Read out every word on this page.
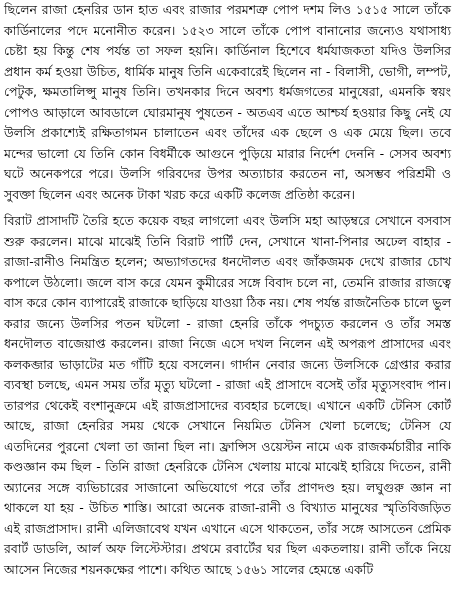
ছিলেন রাজা হেনরির ডান হাত এবং রাজার পরমশত্রু পোপ দশম লিও ১৫১৫ সালে তাঁকে কার্ডিনালের পদে মনোনীত করেন। ১৫২৩ সালে তাঁকে পোপ বানানোর জন্যেও যথাসাধ্য চেষ্টা হয় কিন্তু শেষ পর্যন্ত তা সফল হয়নি। কার্ডিনাল হিশেবে ধর্মযাজকতা যদিও উলসির প্রধান কর্ম হওয়া উচিত, ধার্মিক মানুষ তিনি একেবারেই ছিলেন না - বিলাসী, ভোগী, লম্পট, পেটুক, ক্ষমতালিপ্সু মানুষ তিনি। তখনকার দিনে অবশ্য ধর্মজগতের মানুষেরা, এমনকি স্বয়ং পোপও আড়ালে আবডালে ঘোরমানুষ পুষতেন - অতএব এতে আশ্চর্য হওয়ার কিছু নেই যে উলসি প্রকাশ্যেই রক্ষিতাগমন চালাতেন এবং তাঁদের এক ছেলে ও এক মেয়ে ছিল। তবে মন্দের ভালো যে তিনি কোন বিধর্মীকে আগুনে পুড়িয়ে মারার নির্দেশ দেননি - সেসব অবশ্য ঘটে অনেকপরে পরে। উলসি গরিবদের উপর অত্যাচার করতেন না, অসম্ভব পরিশ্রমী ও সুবক্তা ছিলেন এবং অনেক টাকা খরচ করে একটি কলেজ প্রতিষ্ঠা করেন।

বিরাট প্রাসাদটি তৈরি হতে কয়েক বছর লাগলো এবং উলসি মহা আড়ম্বরে সেখানে বসবাস শুরু করলেন। মাঝে মাঝেই তিনি বিরাট পার্টি দেন, সেখানে খানা-পিনার অঢেল বাহার - রাজা-রানীও নিমন্ত্রিত হলেন; অভ্যাগতদের ধনদৌলত এবং জাঁকজমক দেখে রাজার চোখ কপালে উঠলো। জলে বাস করে যেমন কুমীরের সঙ্গে বিবাদ চলে না, তেমনি রাজার রাজত্বে বাস করে কোন ব্যাপারেই রাজাকে ছাড়িয়ে যাওয়া ঠিক নয়। শেষ পর্যন্ত রাজনৈতিক চালে ভুল করার জন্যে উলসির পতন ঘটলো - রাজা হেনরি তাঁকে পদচ্যুত করলেন ও তাঁর সমস্ত ধনদৌলত বাজেয়াপ্ত করলেন। রাজা নিজে এসে দখল নিলেন এই অপরূপ প্রাসাদের এবং কলকব্জার ভাড়াটের মত গাঁটি হয়ে বসলেন। গার্দান নেবার জন্যে উলসিকে গ্রেপ্তার করার ব্যবস্থা চলছে, এমন সময় তাঁর মৃত্যু ঘটলো - রাজা এই প্রাসাদে বসেই তাঁর মৃত্যুসংবাদ পান। তারপর থেকেই বংশানুক্রমে এই রাজপ্রাসাদের ব্যবহার চলেছে। এখানে একটি টেনিস কোর্ট আছে, রাজা হেনরির সময় থেকে সেখানে নিয়মিত টেনিস খেলা চলেছে; টেনিস যে এতদিনের পুরনো খেলা তা জানা ছিল না। ফ্রান্সিস ওয়েস্টন নামে এক রাজকর্মচারীর নাকি কণ্ডজ্ঞান কম ছিল - তিনি রাজা হেনরিকে টেনিস খেলায় মাঝে মাঝেই হারিয়ে দিতেন, রানী অ্যানের সঙ্গে ব্যভিচারের সাজানো অভিযোগে পরে তাঁর প্রাণদণ্ড হয়। লঘুগুরু জ্ঞান না থাকলে যা হয় - উচিত শাস্তি। আরো অনেক রাজা-রানী ও বিখ্যাত মানুষের স্মৃতিবিজড়িত এই রাজপ্রাসাদ। রানী এলিজাবেথ যখন এখানে এসে থাকতেন, তাঁর সঙ্গে আসতেন প্রেমিক রবার্ট ডাডলি, আর্ল অফ লিস্টেস্টার। প্রথমে রবার্টের ঘর ছিল একতলায়। রানী তাঁকে নিয়ে আসেন নিজের শয়নকক্ষের পাশে। কথিত আছে ১৫৬১ সালের হেমন্তে একটি
